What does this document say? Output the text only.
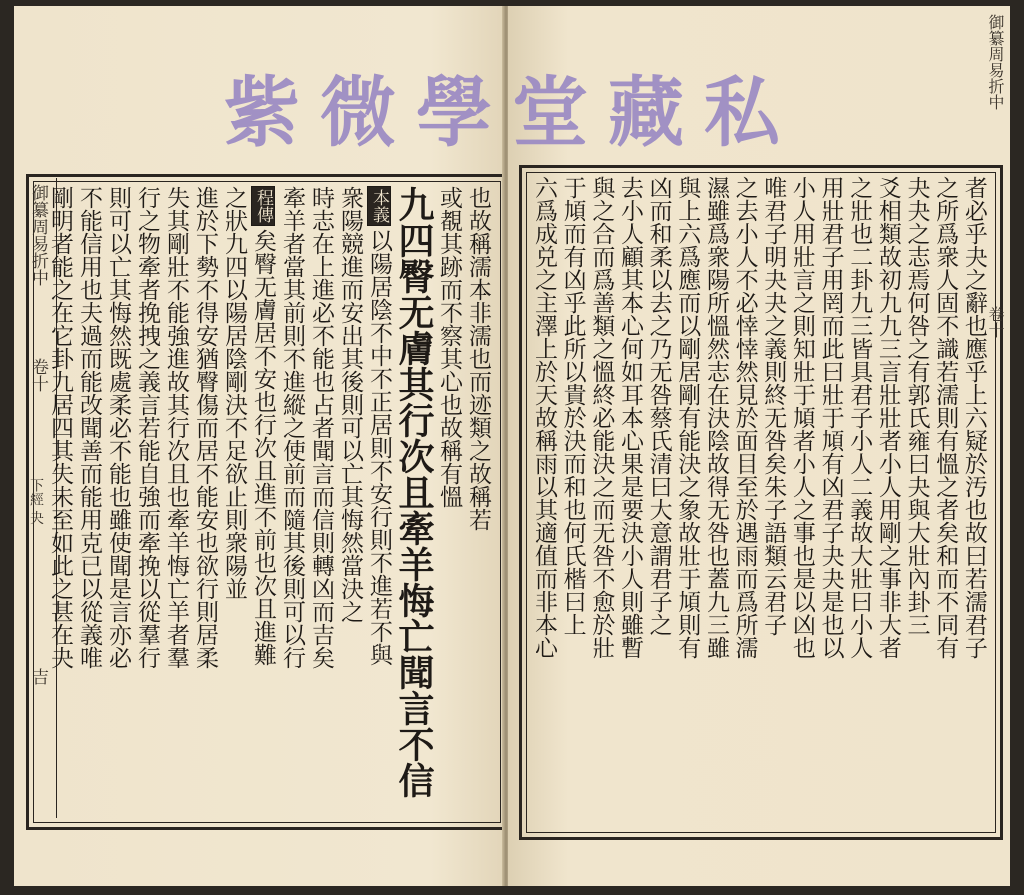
御纂周易折中
卷十
下經 夬
吉
也故稱濡本非濡也而迹類之故稱若
或覩其跡而不察其心也故稱有慍
九四臀无膚其行次且牽羊悔亡聞言不信
本義以陽居陰不中不正居則不安行則不進若不與
衆陽競進而安出其後則可以亡其悔然當決之
時志在上進必不能也占者聞言而信則轉凶而吉矣
牽羊者當其前則不進縱之使前而隨其後則可以行
程傳矣臀无膚居不安也行次且進不前也次且進難
之狀九四以陽居陰剛決不足欲止則衆陽並
進於下勢不得安猶臀傷而居不能安也欲行則居柔
失其剛壯不能強進故其行次且也牽羊悔亡羊者羣
行之物牽者挽拽之義言若能自強而牽挽以從羣行
則可以亡其悔然既處柔必不能也雖使聞是言亦必
不能信用也夫過而能改聞善而能用克已以從義唯
剛明者能之在它卦九居四其失未至如此之甚在夬
御纂周易折中
卷十
者必乎夬之辭也應乎上六疑於汚也故曰若濡君子
之所爲衆人固不識若濡則有慍之者矣和而不同有
夬夬之志焉何咎之有郭氏雍曰夬與大壯內卦三
爻相類故初九九三言壯壯者小人用剛之事非大者
之壯也二卦九三皆具君子小人二義故大壯曰小人
用壯君子用罔而此曰壯于頄有凶君子夬夬是也以
小人用壯言之則知壯于頄者小人之事也是以凶也
唯君子明夬夬之義則終无咎矣朱子語類云君子
之去小人不必悻悻然見於面目至於遇雨而爲所濡
濕雖爲衆陽所慍然志在決陰故得无咎也蓋九三雖
與上六爲應而以剛居剛有能決之象故壯于頄則有
凶而和柔以去之乃无咎蔡氏清曰大意謂君子之
去小人顧其本心何如耳本心果是要決小人則雖暫
與之合而爲善類之慍終必能決之而无咎不愈於壯
于頄而有凶乎此所以貴於決而和也何氏楷曰上
六爲成兑之主澤上於天故稱雨以其適值而非本心
紫微學堂藏私
